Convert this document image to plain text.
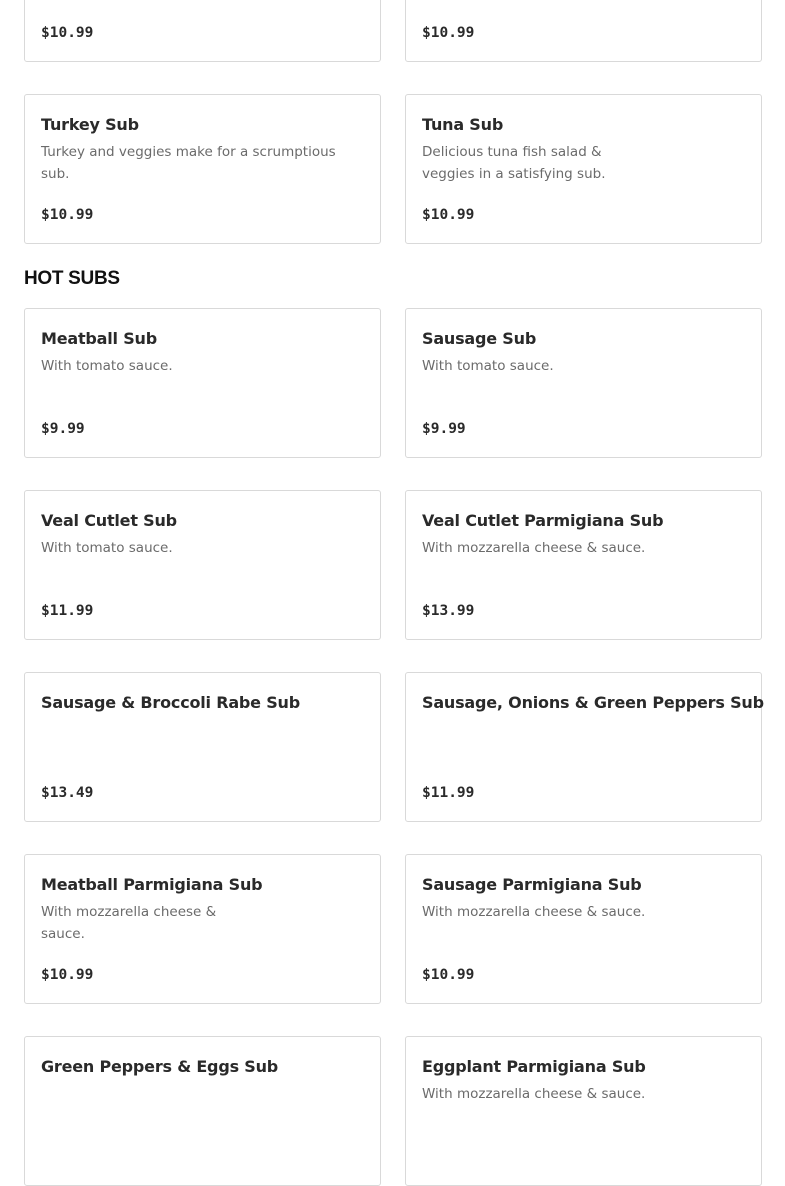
$10.99	$10.99
Turkey Sub
Turkey and veggies make for a scrumptious sub.
$10.99
Tuna Sub
Delicious tuna fish salad & veggies in a satisfying sub.
$10.99
HOT SUBS
Meatball Sub
With tomato sauce.
$9.99
Sausage Sub
With tomato sauce.
$9.99
Veal Cutlet Sub
With tomato sauce.
$11.99
Veal Cutlet Parmigiana Sub
With mozzarella cheese & sauce.
$13.99
Sausage & Broccoli Rabe Sub
$13.49
Sausage, Onions & Green Peppers Sub
$11.99
Meatball Parmigiana Sub
With mozzarella cheese & sauce.
$10.99
Sausage Parmigiana Sub
With mozzarella cheese & sauce.
$10.99
Green Peppers & Eggs Sub	Eggplant Parmigiana Sub
With mozzarella cheese & sauce.
